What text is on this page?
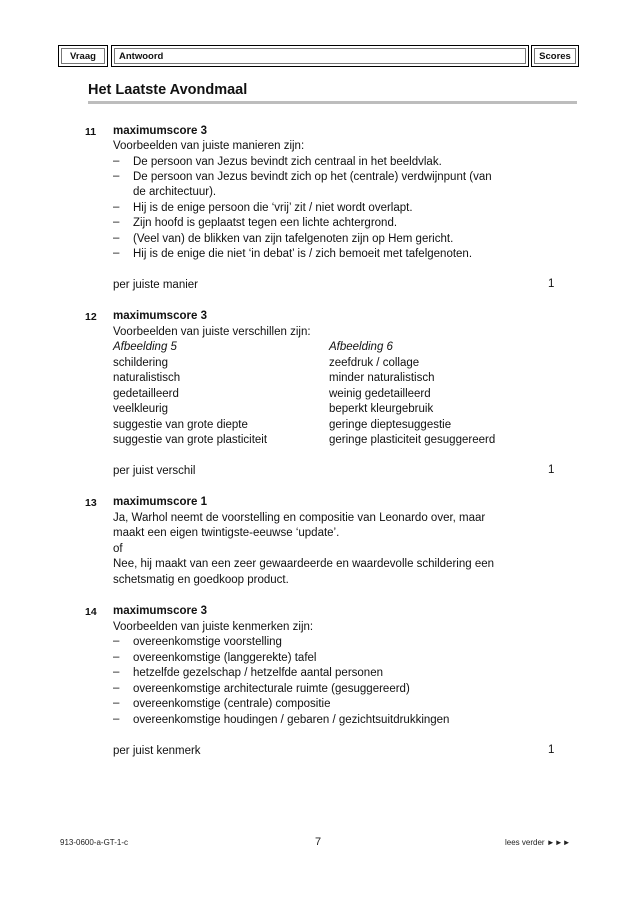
Vraag Antwoord	Scores
Het Laatste Avondmaal
11 maximumscore 3
Voorbeelden van juiste manieren zijn:
– De persoon van Jezus bevindt zich centraal in het beeldvlak.
– De persoon van Jezus bevindt zich op het (centrale) verdwijnpunt (van
de architectuur).
– Hij is de enige persoon die ‘vrij’ zit / niet wordt overlapt.
– Zijn hoofd is geplaatst tegen een lichte achtergrond.
– (Veel van) de blikken van zijn tafelgenoten zijn op Hem gericht.
– Hij is de enige die niet ‘in debat’ is / zich bemoeit met tafelgenoten.
per juiste manier	1
12 maximumscore 3
Voorbeelden van juiste verschillen zijn:
Afbeelding 5	Afbeelding 6
schildering	zeefdruk / collage
naturalistisch	minder naturalistisch
gedetailleerd	weinig gedetailleerd
veelkleurig	beperkt kleurgebruik
suggestie van grote diepte	geringe dieptesuggestie
suggestie van grote plasticiteit	geringe plasticiteit gesuggereerd
per juist verschil	1
13 maximumscore 1
Ja, Warhol neemt de voorstelling en compositie van Leonardo over, maar
maakt een eigen twintigste-eeuwse ‘update’.
of
Nee, hij maakt van een zeer gewaardeerde en waardevolle schildering een
schetsmatig en goedkoop product.
14 maximumscore 3
Voorbeelden van juiste kenmerken zijn:
– overeenkomstige voorstelling
– overeenkomstige (langgerekte) tafel
– hetzelfde gezelschap / hetzelfde aantal personen
– overeenkomstige architecturale ruimte (gesuggereerd)
– overeenkomstige (centrale) compositie
– overeenkomstige houdingen / gebaren / gezichtsuitdrukkingen
per juist kenmerk	1
913-0600-a-GT-1-c	7	lees verder ►►►
